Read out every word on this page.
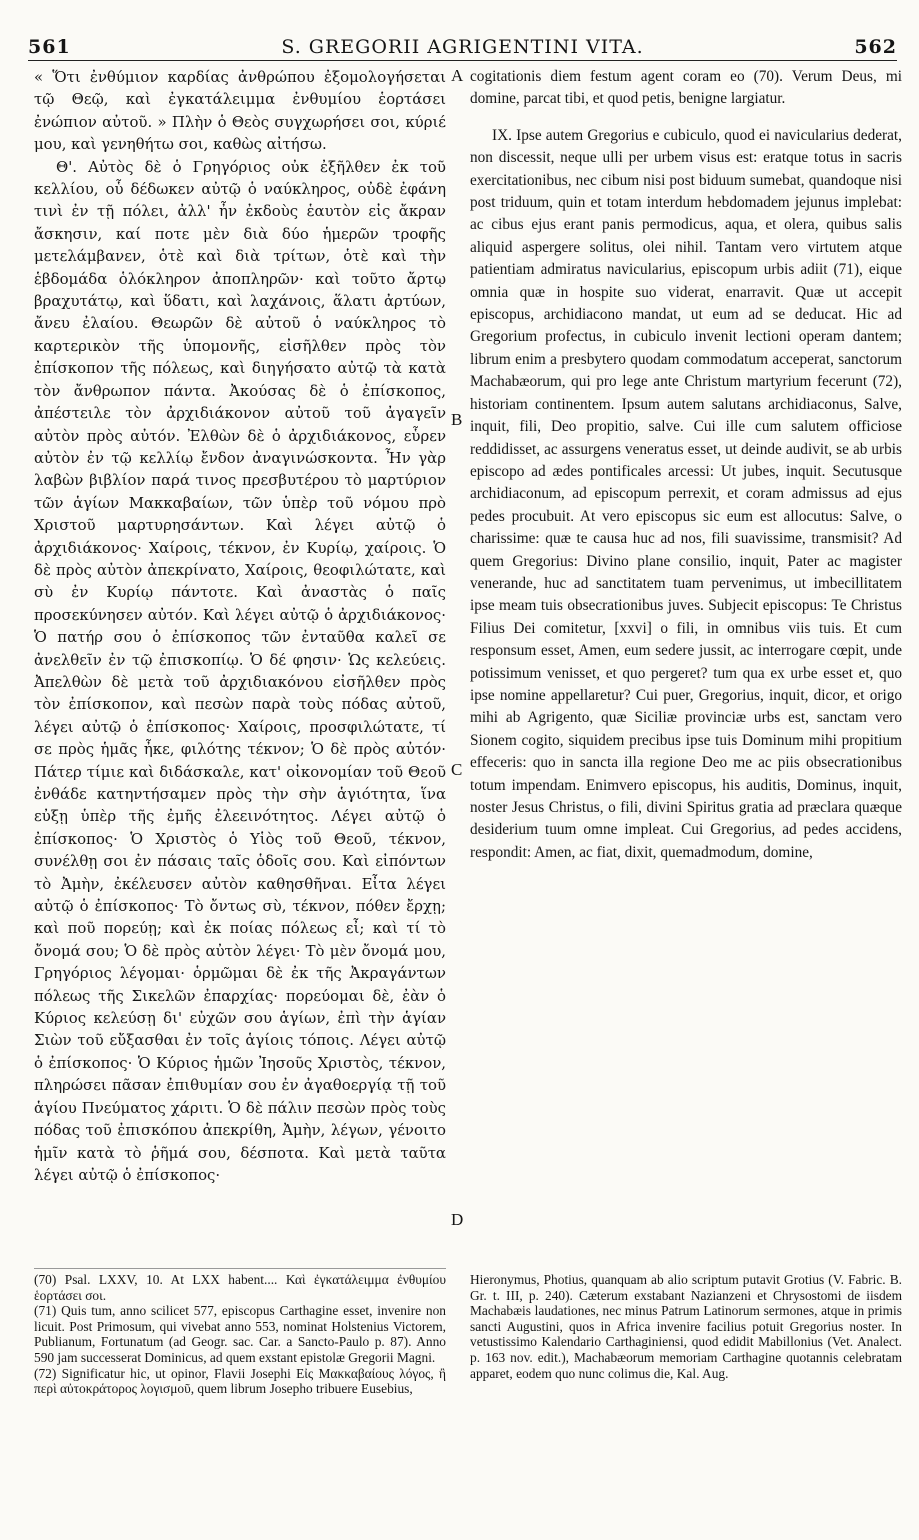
561	S. GREGORII AGRIGENTINI VITA.	562

« Ὅτι ἐνθύμιον καρδίας ἀνθρώπου ἐξομολογήσεται τῷ Θεῷ, καὶ ἐγκατάλειμμα ἐνθυμίου ἑορτάσει ἐνώπιον αὐτοῦ. » Πλὴν ὁ Θεὸς συγχωρήσει σοι, κύριέ μου, καὶ γενηθήτω σοι, καθὼς αἰτήσω.

Θ'. Αὐτὸς δὲ ὁ Γρηγόριος οὐκ ἐξῆλθεν ἐκ τοῦ κελλίου, οὗ δέδωκεν αὐτῷ ὁ ναύκληρος, οὐδὲ ἐφάνη τινὶ ἐν τῇ πόλει, ἀλλ' ἦν ἐκδοὺς ἑαυτὸν εἰς ἄκραν ἄσκησιν, καί ποτε μὲν διὰ δύο ἡμερῶν τροφῆς μετελάμβανεν, ὁτὲ καὶ διὰ τρίτων, ὁτὲ καὶ τὴν ἑβδομάδα ὁλόκληρον ἀποπληρῶν· καὶ τοῦτο ἄρτῳ βραχυτάτῳ, καὶ ὕδατι, καὶ λαχάνοις, ἅλατι ἀρτύων, ἄνευ ἐλαίου. Θεωρῶν δὲ αὐτοῦ ὁ ναύκληρος τὸ καρτερικὸν τῆς ὑπομονῆς, εἰσῆλθεν πρὸς τὸν ἐπίσκοπον τῆς πόλεως, καὶ διηγήσατο αὐτῷ τὰ κατὰ τὸν ἄνθρωπον πάντα. Ἀκούσας δὲ ὁ ἐπίσκοπος, ἀπέστειλε τὸν ἀρχιδιάκονον αὐτοῦ τοῦ ἀγαγεῖν αὐτὸν πρὸς αὐτόν. Ἐλθὼν δὲ ὁ ἀρχιδιάκονος, εὗρεν αὐτὸν ἐν τῷ κελλίῳ ἔνδον ἀναγινώσκοντα. Ἦν γὰρ λαβὼν βιβλίον παρά τινος πρεσβυτέρου τὸ μαρτύριον τῶν ἁγίων Μακκαβαίων, τῶν ὑπὲρ τοῦ νόμου πρὸ Χριστοῦ μαρτυρησάντων. Καὶ λέγει αὐτῷ ὁ ἀρχιδιάκονος· Χαίροις, τέκνον, ἐν Κυρίῳ, χαίροις. Ὁ δὲ πρὸς αὐτὸν ἀπεκρίνατο, Χαίροις, θεοφιλώτατε, καὶ σὺ ἐν Κυρίῳ πάντοτε. Καὶ ἀναστὰς ὁ παῖς προσεκύνησεν αὐτόν. Καὶ λέγει αὐτῷ ὁ ἀρχιδιάκονος· Ὁ πατήρ σου ὁ ἐπίσκοπος τῶν ἐνταῦθα καλεῖ σε ἀνελθεῖν ἐν τῷ ἐπισκοπίῳ. Ὁ δέ φησιν· Ὡς κελεύεις. Ἀπελθὼν δὲ μετὰ τοῦ ἀρχιδιακόνου εἰσῆλθεν πρὸς τὸν ἐπίσκοπον, καὶ πεσὼν παρὰ τοὺς πόδας αὐτοῦ, λέγει αὐτῷ ὁ ἐπίσκοπος· Χαίροις, προσφιλώτατε, τί σε πρὸς ἡμᾶς ἦκε, φιλότης τέκνον; Ὁ δὲ πρὸς αὐτόν· Πάτερ τίμιε καὶ διδάσκαλε, κατ' οἰκονομίαν τοῦ Θεοῦ ἐνθάδε κατηντήσαμεν πρὸς τὴν σὴν ἁγιότητα, ἵνα εὐξῃ ὑπὲρ τῆς ἐμῆς ἐλεεινότητος. Λέγει αὐτῷ ὁ ἐπίσκοπος· Ὁ Χριστὸς ὁ Υἱὸς τοῦ Θεοῦ, τέκνον, συνέλθῃ σοι ἐν πάσαις ταῖς ὁδοῖς σου. Καὶ εἰπόντων τὸ Ἀμὴν, ἐκέλευσεν αὐτὸν καθησθῆναι. Εἶτα λέγει αὐτῷ ὁ ἐπίσκοπος· Τὸ ὄντως σὺ, τέκνον, πόθεν ἔρχῃ; καὶ ποῦ πορεύῃ; καὶ ἐκ ποίας πόλεως εἶ; καὶ τί τὸ ὄνομά σου; Ὁ δὲ πρὸς αὐτὸν λέγει· Τὸ μὲν ὄνομά μου, Γρηγόριος λέγομαι· ὁρμῶμαι δὲ ἐκ τῆς Ἀκραγάντων πόλεως τῆς Σικελῶν ἐπαρχίας· πορεύομαι δὲ, ἐὰν ὁ Κύριος κελεύσῃ δι' εὐχῶν σου ἁγίων, ἐπὶ τὴν ἁγίαν Σιὼν τοῦ εὔξασθαι ἐν τοῖς ἁγίοις τόποις. Λέγει αὐτῷ ὁ ἐπίσκοπος· Ὁ Κύριος ἡμῶν Ἰησοῦς Χριστὸς, τέκνον, πληρώσει πᾶσαν ἐπιθυμίαν σου ἐν ἀγαθοεργίᾳ τῇ τοῦ ἁγίου Πνεύματος χάριτι. Ὁ δὲ πάλιν πεσὼν πρὸς τοὺς πόδας τοῦ ἐπισκόπου ἀπεκρίθη, Ἀμὴν, λέγων, γένοιτο ἡμῖν κατὰ τὸ ῥῆμά σου, δέσποτα. Καὶ μετὰ ταῦτα λέγει αὐτῷ ὁ ἐπίσκοπος·

A
B
C
D

cogitationis diem festum agent coram eo (70). Verum Deus, mi domine, parcat tibi, et quod petis, benigne largiatur.

IX. Ipse autem Gregorius e cubiculo, quod ei navicularius dederat, non discessit, neque ulli per urbem visus est: eratque totus in sacris exercitationibus, nec cibum nisi post biduum sumebat, quandoque nisi post triduum, quin et totam interdum hebdomadem jejunus implebat: ac cibus ejus erant panis permodicus, aqua, et olera, quibus salis aliquid aspergere solitus, olei nihil. Tantam vero virtutem atque patientiam admiratus navicularius, episcopum urbis adiit (71), eique omnia quæ in hospite suo viderat, enarravit. Quæ ut accepit episcopus, archidiacono mandat, ut eum ad se deducat. Hic ad Gregorium profectus, in cubiculo invenit lectioni operam dantem; librum enim a presbytero quodam commodatum acceperat, sanctorum Machabæorum, qui pro lege ante Christum martyrium fecerunt (72), historiam continentem. Ipsum autem salutans archidiaconus, Salve, inquit, fili, Deo propitio, salve. Cui ille cum salutem officiose reddidisset, ac assurgens veneratus esset, ut deinde audivit, se ab urbis episcopo ad ædes pontificales arcessi: Ut jubes, inquit. Secutusque archidiaconum, ad episcopum perrexit, et coram admissus ad ejus pedes procubuit. At vero episcopus sic eum est allocutus: Salve, o charissime: quæ te causa huc ad nos, fili suavissime, transmisit? Ad quem Gregorius: Divino plane consilio, inquit, Pater ac magister venerande, huc ad sanctitatem tuam pervenimus, ut imbecillitatem ipse meam tuis obsecrationibus juves. Subjecit episcopus: Te Christus Filius Dei comitetur, [xxvi] o fili, in omnibus viis tuis. Et cum responsum esset, Amen, eum sedere jussit, ac interrogare cœpit, unde potissimum venisset, et quo pergeret? tum qua ex urbe esset et, quo ipse nomine appellaretur? Cui puer, Gregorius, inquit, dicor, et origo mihi ab Agrigento, quæ Siciliæ provinciæ urbs est, sanctam vero Sionem cogito, siquidem precibus ipse tuis Dominum mihi propitium effeceris: quo in sancta illa regione Deo me ac piis obsecrationibus totum impendam. Enimvero episcopus, his auditis, Dominus, inquit, noster Jesus Christus, o fili, divini Spiritus gratia ad præclara quæque desiderium tuum omne impleat. Cui Gregorius, ad pedes accidens, respondit: Amen, ac fiat, dixit, quemadmodum, domine,

(70) Psal. LXXV, 10. At LXX habent.... Καὶ ἐγκατάλειμμα ἐνθυμίου ἑορτάσει σοι.

(71) Quis tum, anno scilicet 577, episcopus Carthagine esset, invenire non licuit. Post Primosum, qui vivebat anno 553, nominat Holstenius Victorem, Publianum, Fortunatum (ad Geogr. sac. Car. a Sancto-Paulo p. 87). Anno 590 jam successerat Dominicus, ad quem exstant epistolæ Gregorii Magni.

(72) Significatur hic, ut opinor, Flavii Josephi Εἰς Μακκαβαίους λόγος, ἢ περὶ αὐτοκράτορος λογισμοῦ, quem librum Josepho tribuere Eusebius,

Hieronymus, Photius, quanquam ab alio scriptum putavit Grotius (V. Fabric. B. Gr. t. III, p. 240). Cæterum exstabant Nazianzeni et Chrysostomi de iisdem Machabæis laudationes, nec minus Patrum Latinorum sermones, atque in primis sancti Augustini, quos in Africa invenire facilius potuit Gregorius noster. In vetustissimo Kalendario Carthaginiensi, quod edidit Mabillonius (Vet. Analect. p. 163 nov. edit.), Machabæorum memoriam Carthagine quotannis celebratam apparet, eodem quo nunc colimus die, Kal. Aug.
